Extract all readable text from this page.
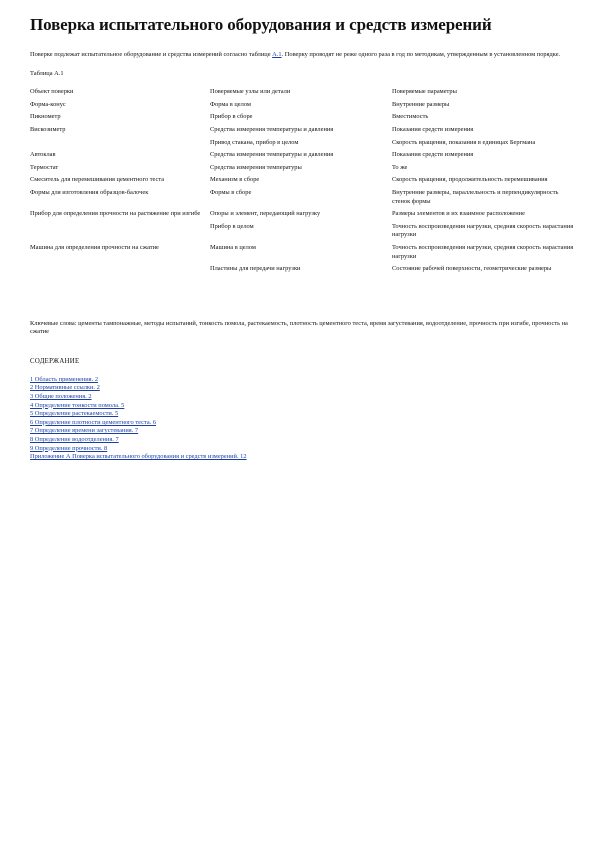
Поверка испытательного оборудования и средств измерений

Поверке подлежат испытательное оборудование и средства измерений согласно таблице А.1. Поверку проводят не реже одного раза в год по методикам, утвержденным в установленном порядке.

Таблица А.1
Объект поверки	Поверяемые узлы или детали	Поверяемые параметры
Форма-конус	Форма в целом	Внутренние размеры
Пикнометр	Прибор в сборе	Вместимость
Вискозиметр	Средства измерения температуры и давления	Показания средств измерения
	Привод стакана, прибор в целом	Скорость вращения, показания в единицах Бергмана
Автоклав	Средства измерения температуры и давления	Показания средств измерения
Термостат	Средства измерения температуры	То же
Смеситель для перемешивания цементного теста	Механизм в сборе	Скорость вращения, продолжительность перемешивания
Формы для изготовления образцов-балочек	Формы в сборе	Внутренние размеры, параллельность и перпендикулярность стенок формы
Прибор для определения прочности на растяжение при изгибе	Опоры и элемент, передающий нагрузку	Размеры элементов и их взаимное расположение
	Прибор в целом	Точность воспроизведения нагрузки, средняя скорость нарастания нагрузки
Машина для определения прочности на сжатие	Машина в целом	Точность воспроизведения нагрузки, средняя скорость нарастания нагрузки
	Пластины для передачи нагрузки	Состояние рабочей поверхности, геометрические размеры

Ключевые слова: цементы тампонажные, методы испытаний, тонкость помола, растекаемость, плотность цементного теста, время загустевания, водоотделение, прочность при изгибе, прочность на сжатие

СОДЕРЖАНИЕ
1 Область применения. 2
2 Нормативные ссылки. 2
3 Общие положения. 2
4 Определение тонкости помола. 5
5 Определение растекаемости. 5
6 Определение плотности цементного теста. 6
7 Определение времени загустевания. 7
8 Определение водоотделения. 7
9 Определение прочности. 8
Приложение А Поверка испытательного оборудования и средств измерений. 12
